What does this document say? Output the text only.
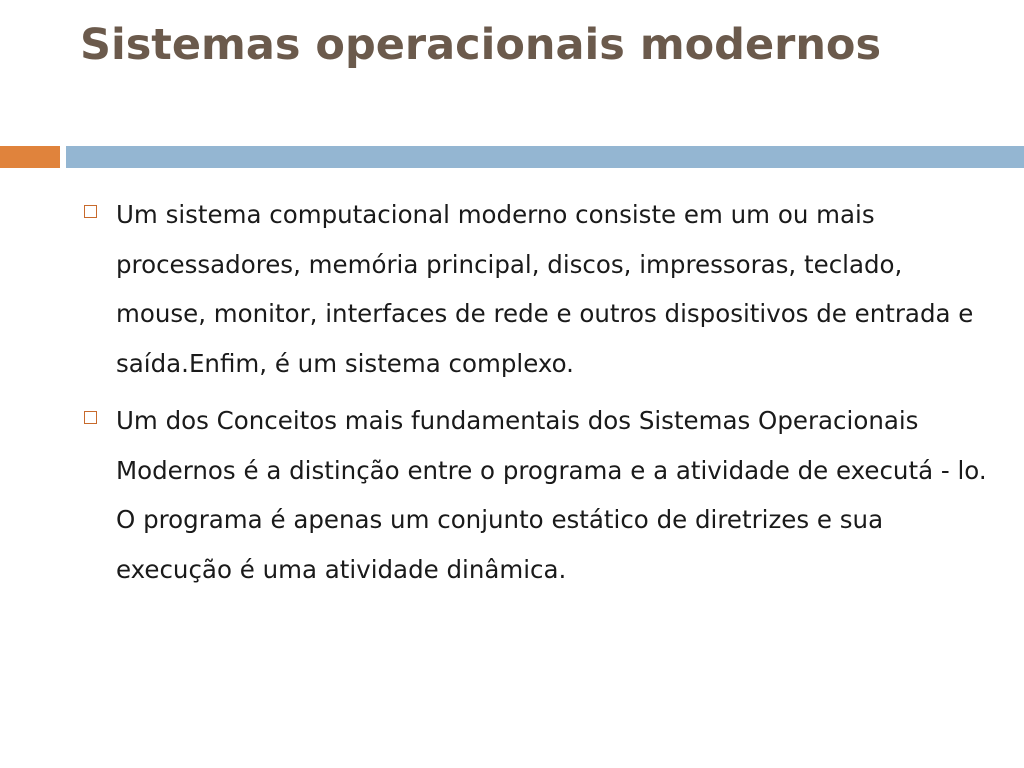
Sistemas operacionais modernos
Um sistema computacional moderno consiste em um ou mais processadores, memória principal, discos, impressoras, teclado, mouse, monitor, interfaces de rede e outros dispositivos de entrada e saída.Enfim, é um sistema complexo.
Um dos Conceitos mais fundamentais dos Sistemas Operacionais Modernos é a distinção entre o programa e a atividade de executá - lo. O programa é apenas um conjunto estático de diretrizes e sua execução é uma atividade dinâmica.
